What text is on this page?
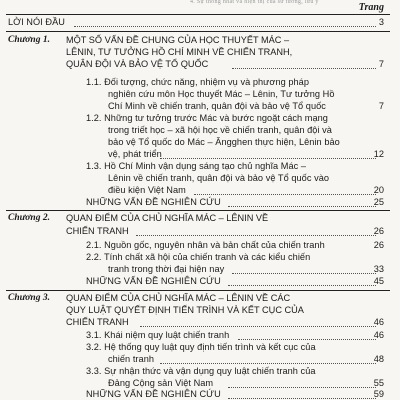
4. Sự thống nhất và hiện thị của sử tưởng, lưu ý	Trang
LỜI NÓI ĐẦU	3
Chương 1. MỘT SỐ VẤN ĐỀ CHUNG CỦA HỌC THUYẾT MÁC –
LÊNIN, TƯ TƯỞNG HỒ CHÍ MINH VỀ CHIẾN TRANH,
QUÂN ĐỘI VÀ BẢO VỆ TỔ QUỐC	7
1.1. Đối tượng, chức năng, nhiệm vụ và phương pháp
nghiên cứu môn Học thuyết Mác – Lênin, Tư tưởng Hồ
Chí Minh về chiến tranh, quân đội và bảo vệ Tổ quốc	7
1.2. Những tư tưởng trước Mác và bước ngoặt cách mạng
trong triết học – xã hội học về chiến tranh, quân đội và
bảo vệ Tổ quốc do Mác – Ăngghen thực hiện, Lênin bảo
vệ, phát triển	12
1.3. Hồ Chí Minh vận dụng sáng tạo chủ nghĩa Mác –
Lênin về chiến tranh, quân đội và bảo vệ Tổ quốc vào
điều kiện Việt Nam	20
NHỮNG VẤN ĐỀ NGHIÊN CỨU	25
Chương 2. QUAN ĐIỂM CỦA CHỦ NGHĨA MÁC – LÊNIN VỀ
CHIẾN TRANH	26
2.1. Nguồn gốc, nguyên nhân và bản chất của chiến tranh	26
2.2. Tính chất xã hội của chiến tranh và các kiểu chiến
tranh trong thời đại hiện nay	33
NHỮNG VẤN ĐỀ NGHIÊN CỨU	45
Chương 3. QUAN ĐIỂM CỦA CHỦ NGHĨA MÁC – LÊNIN VỀ CÁC
QUY LUẬT QUYẾT ĐỊNH TIẾN TRÌNH VÀ KẾT CỤC CỦA
CHIẾN TRANH	46
3.1. Khái niệm quy luật chiến tranh	46
3.2. Hệ thống quy luật quy định tiến trình và kết cục của
chiến tranh	48
3.3. Sự nhận thức và vận dụng quy luật chiến tranh của
Đảng Cộng sản Việt Nam	55
NHỮNG VẤN ĐỀ NGHIÊN CỨU	59
